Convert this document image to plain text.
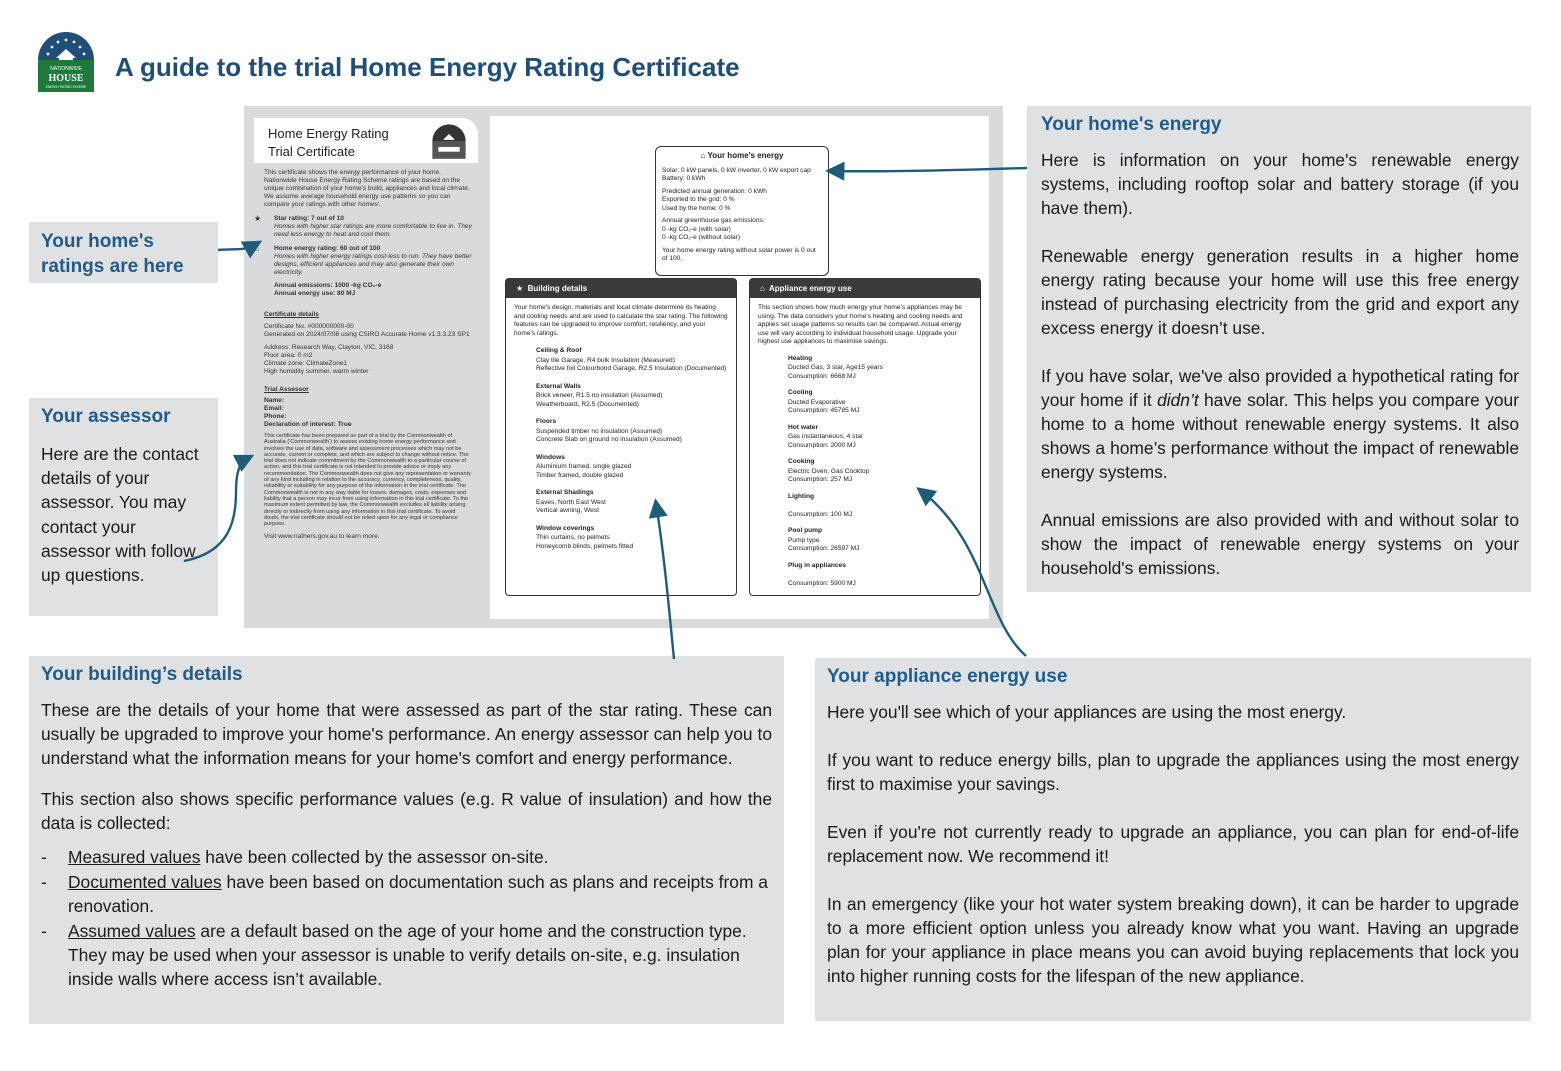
NATIONWIDE
HOUSE
ENERGY RATING SCHEME
A guide to the trial Home Energy Rating Certificate
Your home's ratings are here
Your assessor
Here are the contact details of your assessor. You may contact your assessor with follow up questions.
Home Energy Rating
Trial Certificate
This certificate shows the energy performance of your home. Nationwide House Energy Rating Scheme ratings are based on the unique combination of your home's build, appliances and local climate. We assume average household energy use patterns so you can compare your ratings with other homes'.
★	Star rating: 7 out of 10
Homes with higher star ratings are more comfortable to live in. They need less energy to heat and cool them.
⌂	Home energy rating: 60 out of 100
Homes with higher energy ratings cost less to run. They have better designs, efficient appliances and may also generate their own electricity.
Annual emissions: 1000 -kg CO₂-e
Annual energy use: 80 MJ
Certificate details
Certificate No. #000000000-00
Generated on 2024/07/08 using CSIRO Accurate Home v1.3.3.23 SP1
Address: Research Way, Clayton, VIC, 3168
Floor area: 0 m2
Climate zone: ClimateZone1
High humidity summer, warm winter
Trial Assessor
Name:
Email:
Phone:
Declaration of interest: True
This certificate has been prepared as part of a trial by the Commonwealth of Australia ('Commonwealth') to assess existing home energy performance and involves the use of data, software and assessment processes which may not be accurate, current or complete, and which are subject to change without notice. The trial does not indicate commitment by the Commonwealth to a particular course of action, and this trial certificate is not intended to provide advice or imply any recommendation. The Commonwealth does not give any representation or warranty of any kind including in relation to the accuracy, currency, completeness, quality, reliability or suitability for any purpose of the information in the trial certificate. The Commonwealth is not in any way liable for losses, damages, costs, expenses and liability that a person may incur from using information in this trial certificate. To the maximum extent permitted by law, the Commonwealth excludes all liability arising directly or indirectly from using any information in this trial certificate. To avoid doubt, the trial certificate should not be relied upon for any legal or compliance purpose.
Visit www.nathers.gov.au to learn more.
⌂ Your home's energy
Solar: 0 kW panels, 0 kW inverter, 0 kW export cap
Battery: 0 kWh
Predicted annual generation: 0 kWh
Exported to the grid: 0 %
Used by the home: 0 %
Annual greenhouse gas emissions:
0 -kg CO₂-e (with solar)
0 -kg CO₂-e (without solar)
Your home energy rating without solar power is 0 out of 100.
★ Building details
Your home's design, materials and local climate determine its heating and cooling needs and are used to calculate the star rating. The following features can be upgraded to improve comfort, resiliency, and your home's ratings.
Ceiling & Roof
Clay tile Garage, R4 bulk Insulation (Measured)
Reflective foil Colourbond Garage, R2.5 Insulation (Documented)
External Walls
Brick veneer, R1.5 no insulation (Assumed)
Weatherboard, R2.5 (Documented)
Floors
Suspended timber no insulation (Assumed)
Concrete Slab on ground no insulation (Assumed)
Windows
Aluminium framed, single glazed
Timber framed, double glazed
External Shadings
Eaves, North East West
Vertical awning, West
Window coverings
Thin curtains, no pelmets
Honeycomb blinds, pelmets fitted
⌂ Appliance energy use
This section shows how much energy your home's appliances may be using. The data considers your home's heating and cooling needs and applies set usage patterns so results can be compared. Actual energy use will vary according to individual household usage. Upgrade your highest use appliances to maximise savings.
Heating
Ducted Gas, 3 star, Age15 years
Consumption: 6668 MJ
Cooling
Ducted Evaporative
Consumption: 45785 MJ
Hot water
Gas instantaneous, 4 star
Consumption: 2000 MJ
Cooking
Electric Oven, Gas Cooktop
Consumption: 257 MJ
Lighting

Consumption: 100 MJ
Pool pump
Pump type
Consumption: 26597 MJ
Plug in appliances

Consumption: 5900 MJ
Your home's energy

Here is information on your home's renewable energy systems, including rooftop solar and battery storage (if you have them).

Renewable energy generation results in a higher home energy rating because your home will use this free energy instead of purchasing electricity from the grid and export any excess energy it doesn’t use.

If you have solar, we've also provided a hypothetical rating for your home if it didn’t have solar. This helps you compare your home to a home without renewable energy systems. It also shows a home’s performance without the impact of renewable energy systems.

Annual emissions are also provided with and without solar to show the impact of renewable energy systems on your household's emissions.

Your building’s details

These are the details of your home that were assessed as part of the star rating. These can usually be upgraded to improve your home's performance. An energy assessor can help you to understand what the information means for your home's comfort and energy performance.

This section also shows specific performance values (e.g. R value of insulation) and how the data is collected:

- Measured values have been collected by the assessor on-site.
- Documented values have been based on documentation such as plans and receipts from a renovation.
- Assumed values are a default based on the age of your home and the construction type. They may be used when your assessor is unable to verify details on-site, e.g. insulation inside walls where access isn’t available.
Your appliance energy use

Here you'll see which of your appliances are using the most energy.

If you want to reduce energy bills, plan to upgrade the appliances using the most energy first to maximise your savings.

Even if you're not currently ready to upgrade an appliance, you can plan for end-of-life replacement now. We recommend it!

In an emergency (like your hot water system breaking down), it can be harder to upgrade to a more efficient option unless you already know what you want. Having an upgrade plan for your appliance in place means you can avoid buying replacements that lock you into higher running costs for the lifespan of the new appliance.
